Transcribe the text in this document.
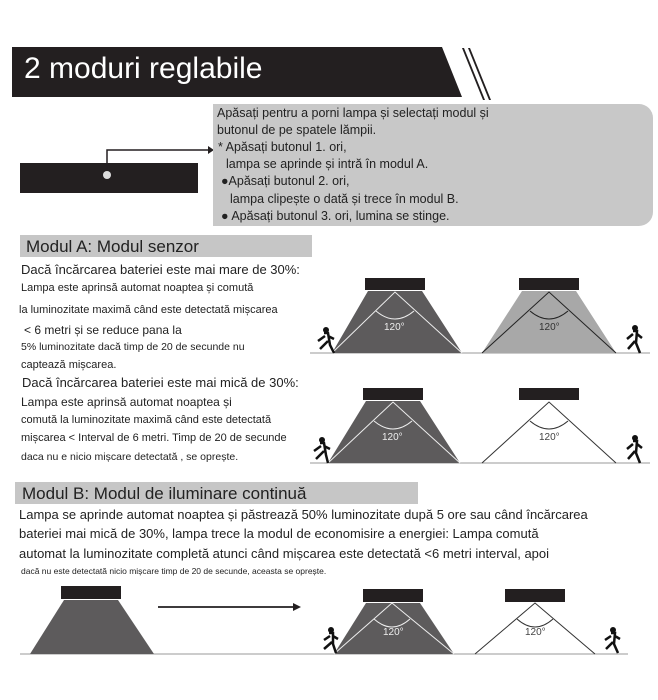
2 moduri reglabile
Apăsați pentru a porni lampa și selectați modul și
butonul de pe spatele lămpii.
* Apăsați butonul 1. ori,
lampa se aprinde și intră în modul A.
●Apăsați butonul 2. ori,
lampa clipește o dată și trece în modul B.
● Apăsați butonul 3. ori, lumina se stinge.
Modul A: Modul senzor
Dacă încărcarea bateriei este mai mare de 30%:
Lampa este aprinsă automat noaptea și comută
la luminozitate maximă când este detectată mișcarea
< 6 metri și se reduce pana la
5% luminozitate dacă timp de 20 de secunde nu
captează mișcarea.
Dacă încărcarea bateriei este mai mică de 30%:
Lampa este aprinsă automat noaptea și
comută la luminozitate maximă când este detectată
mișcarea < Interval de 6 metri. Timp de 20 de secunde
daca nu e nicio mișcare detectată , se oprește.
120°	120°
120°	120°
Modul B: Modul de iluminare continuă
Lampa se aprinde automat noaptea și păstrează 50% luminozitate după 5 ore sau când încărcarea
bateriei mai mică de 30%, lampa trece la modul de economisire a energiei: Lampa comută
automat la luminozitate completă atunci când mișcarea este detectată <6 metri interval, apoi
dacă nu este detectată nicio mișcare timp de 20 de secunde, aceasta se oprește.
120°	120°
